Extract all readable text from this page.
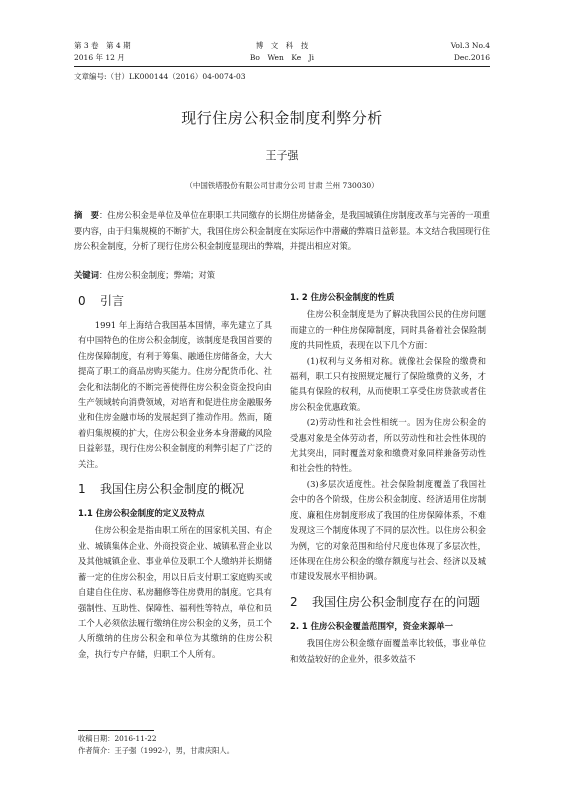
第 3 卷　第 4 期
2016 年 12 月
博　文　科　技
Bo　Wen　Ke　Ji
Vol.3 No.4
Dec.2016
文章编号:（甘）LK000144（2016）04-0074-03
现行住房公积金制度利弊分析
王子强
（中国铁塔股份有限公司甘肃分公司 甘肃 兰州 730030）
摘　要：住房公积金是单位及单位在职职工共同缴存的长期住房储备金，是我国城镇住房制度改革与完善的一项重要内容，由于归集规模的不断扩大，我国住房公积金制度在实际运作中潜藏的弊端日益彰显。本文结合我国现行住房公积金制度，分析了现行住房公积金制度显现出的弊端，并提出相应对策。
关键词：住房公积金制度；弊端；对策
0 引言

1991 年上海结合我国基本国情，率先建立了具有中国特色的住房公积金制度，该制度是我国首要的住房保障制度，有利于筹集、融通住房储备金，大大提高了职工的商品房购买能力。住房分配货币化、社会化和法制化的不断完善使得住房公积金资金投向由生产领域转向消费领域，对培育和促进住房金融服务业和住房金融市场的发展起到了推动作用。然而，随着归集规模的扩大，住房公积金业务本身潜藏的风险日益彰显，现行住房公积金制度的利弊引起了广泛的关注。

1 我国住房公积金制度的概况
1.1 住房公积金制度的定义及特点

住房公积金是指由职工所在的国家机关国、有企业、城镇集体企业、外商投资企业、城镇私营企业以及其他城镇企业、事业单位及职工个人缴纳并长期储蓄一定的住房公积金，用以日后支付职工家庭购买或自建自住住房、私房翻修等住房费用的制度。它具有强制性、互助性、保障性、福利性等特点，单位和员工个人必须依法履行缴纳住房公积金的义务，员工个人所缴纳的住房公积金和单位为其缴纳的住房公积金，执行专户存储，归职工个人所有。

1. 2 住房公积金制度的性质

住房公积金制度是为了解决我国公民的住房问题而建立的一种住房保障制度，同时具备着社会保险制度的共同性质，表现在以下几个方面：

(1)权利与义务相对称。就像社会保险的缴费和福利，职工只有按照规定履行了保险缴费的义务，才能具有保险的权利，从而使职工享受住房贷款或者住房公积金优惠政策。

(2)劳动性和社会性相统一。因为住房公积金的受惠对象是全体劳动者，所以劳动性和社会性体现的尤其突出，同时覆盖对象和缴费对象同样兼备劳动性和社会性的特性。

(3)多层次适度性。社会保险制度覆盖了我国社会中的各个阶级，住房公积金制度、经济适用住房制度、廉租住房制度形成了我国的住房保障体系，不难发现这三个制度体现了不同的层次性。以住房公积金为例，它的对象范围和给付尺度也体现了多层次性，还体现在住房公积金的缴存额度与社会、经济以及城市建设发展水平相协调。

2	我国住房公积金制度存在的问题
2. 1 住房公积金覆盖范围窄，资金来源单一

我国住房公积金缴存面覆盖率比较低，事业单位和效益较好的企业外，很多效益不

收稿日期：2016-11-22
作者简介：王子强（1992-），男，甘肃庆阳人。
